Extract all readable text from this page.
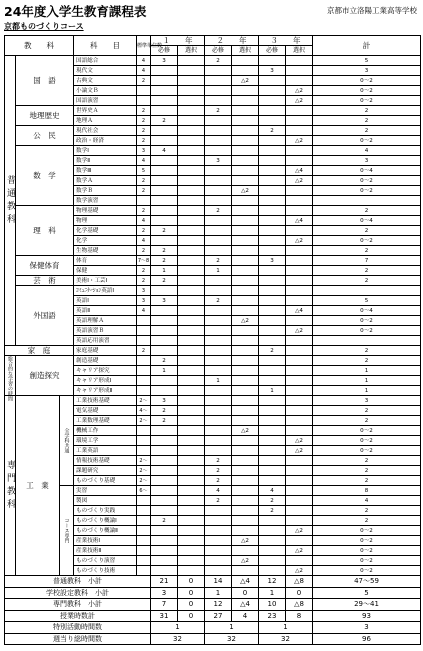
24年度入学生教育課程表	京都市立洛陽工業高等学校
京都ものづくりコース
教　　科			科　　目	標準単位数	１　　年		２　　年		３　　年		計
					必修	選択	必修	選択	必修	選択	
普通教科	国　語		国語総合	4	3		2				5
			現代文	4					3		3
			古典文	2				△2			0〜2
			小論文Ｂ							△2	0〜2
			国語演習							△2	0〜2
	地理歴史		世界史Ａ	2			2				2
			地理Ａ	2	2						2
	公　民		現代社会	2					2		2
			政治・経済	2						△2	0〜2
	数　学		数学Ⅰ	3	4						4
			数学Ⅱ	4			3				3
			数学Ⅲ	5						△4	0〜4
			数学Ａ	2						△2	0〜2
			数学Ｂ	2				△2			0〜2
			数学演習								
	理　科		物理基礎	2			2				2
			物理	4						△4	0〜4
			化学基礎	2	2						2
			化学	4						△2	0〜2
			生物基礎	2	2						2
	保健体育		体育	7〜8	2		2		3		7
			保健	2	1		1				2
	芸　術		美術Ⅰ・工芸Ⅰ	2	2						2
	外国語		ｺﾐｭﾆｹｰｼｮﾝ英語Ⅰ	3							
			英語Ⅰ	3	3		2				5
			英語Ⅱ	4						△4	0〜4
			英語理解Ａ					△2			0〜2
			英語演習Ｂ							△2	0〜2
			英語応用演習								
家　庭			家庭基礎	2					2		2
総合的な学習の時間	創造探究		創造基礎		2						2
			キャリア探究		1						1
			キャリア形成Ⅰ				1				1
			キャリア形成Ⅱ						1		1
専門教科	工　業	全学科共通	工業技術基礎	2〜	3						3
			電気基礎	4〜	2						2
			工業数理基礎	2〜	2						2
			機械工作					△2			0〜2
			環境工学							△2	0〜2
			工業英語							△2	0〜2
			情報技術基礎	2〜			2				2
			課題研究	2〜			2				2
			ものづくり基礎	2〜			2				2
		コース専門	実習	6〜			4		4		8
			製図				2		2		4
			ものづくり実践						2		2
			ものづくり概論Ⅰ		2						2
			ものづくり概論Ⅱ							△2	0〜2
			産業技術Ⅰ					△2			0〜2
			産業技術Ⅱ							△2	0〜2
			ものづくり演習					△2			0〜2
			ものづくり技術							△2	0〜2
普通教科　小計					21	0	14	△4	12	△8	47〜59
学校設定教科　小計					3	0	1	0	1	0	5
専門教科　小計					7	0	12	△4	10	△8	29〜41
授業時数計					31	0	27	4	23	8	93
特別活動時間数					1		1		1		3
週当り総時間数					32		32		32		96
